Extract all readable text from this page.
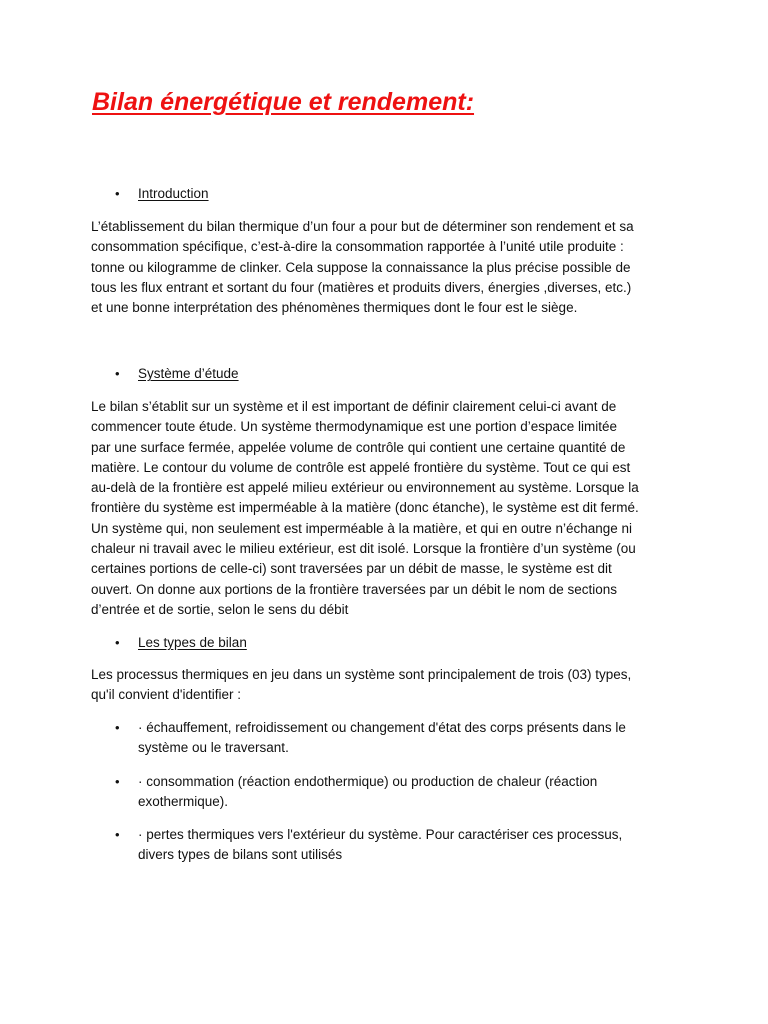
Bilan énergétique et rendement:
• Introduction
L’établissement du bilan thermique d’un four a pour but de déterminer son rendement et sa
consommation spécifique, c’est-à-dire la consommation rapportée à l’unité utile produite :
tonne ou kilogramme de clinker. Cela suppose la connaissance la plus précise possible de
tous les flux entrant et sortant du four (matières et produits divers, énergies ,diverses, etc.)
et une bonne interprétation des phénomènes thermiques dont le four est le siège.
• Système d’étude
Le bilan s’établit sur un système et il est important de définir clairement celui-ci avant de
commencer toute étude. Un système thermodynamique est une portion d’espace limitée
par une surface fermée, appelée volume de contrôle qui contient une certaine quantité de
matière. Le contour du volume de contrôle est appelé frontière du système. Tout ce qui est
au-delà de la frontière est appelé milieu extérieur ou environnement au système. Lorsque la
frontière du système est imperméable à la matière (donc étanche), le système est dit fermé.
Un système qui, non seulement est imperméable à la matière, et qui en outre n’échange ni
chaleur ni travail avec le milieu extérieur, est dit isolé. Lorsque la frontière d’un système (ou
certaines portions de celle-ci) sont traversées par un débit de masse, le système est dit
ouvert. On donne aux portions de la frontière traversées par un débit le nom de sections
d’entrée et de sortie, selon le sens du débit
• Les types de bilan
Les processus thermiques en jeu dans un système sont principalement de trois (03) types,
qu'il convient d'identifier :
• · échauffement, refroidissement ou changement d'état des corps présents dans le
système ou le traversant.
• · consommation (réaction endothermique) ou production de chaleur (réaction
exothermique).
• · pertes thermiques vers l'extérieur du système. Pour caractériser ces processus,
divers types de bilans sont utilisés
